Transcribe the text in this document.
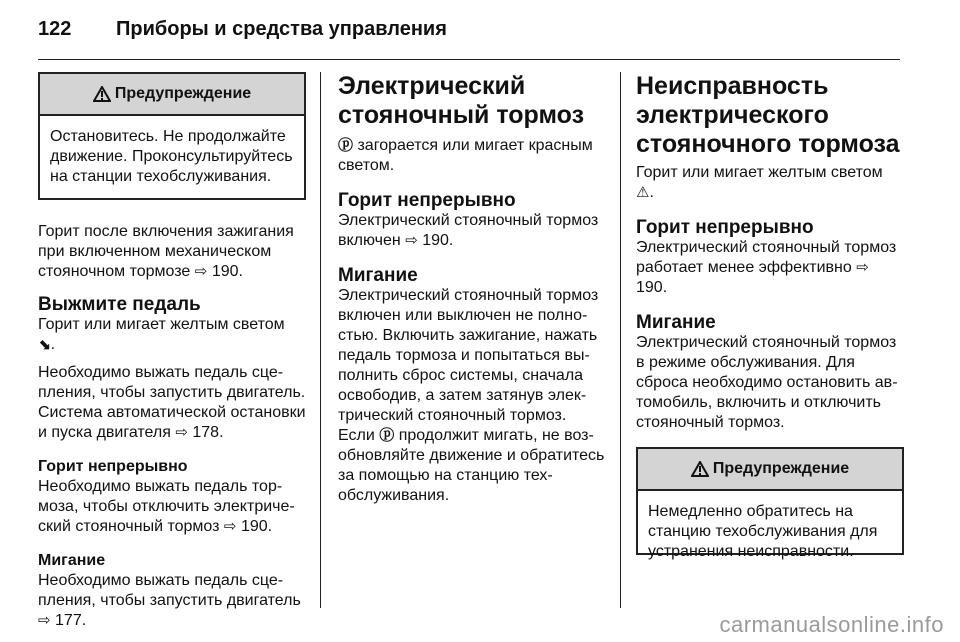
122	Приборы и средства управления
Предупреждение
Остановитесь. Не продолжайте движение. Проконсультируйтесь на станции техобслуживания.

Горит после включения зажигания при включенном механическом стояночном тормозе ⇨ 190.

Выжмите педаль

Горит или мигает желтым светом ⬊.

Необходимо выжать педаль сцепления, чтобы запустить двигатель. Система автоматической остановки и пуска двигателя ⇨ 178.

Горит непрерывно

Необходимо выжать педаль тормоза, чтобы отключить электрический стояночный тормоз ⇨ 190.

Мигание

Необходимо выжать педаль сцепления, чтобы запустить двигатель ⇨ 177.

Электрический стояночный тормоз

ⓟ загорается или мигает красным светом.

Горит непрерывно

Электрический стояночный тормоз включен ⇨ 190.

Мигание

Электрический стояночный тормоз включен или выключен не полностью. Включить зажигание, нажать педаль тормоза и попытаться выполнить сброс системы, сначала освободив, а затем затянув электрический стояночный тормоз.

Если ⓟ продолжит мигать, не возобновляйте движение и обратитесь за помощью на станцию техобслуживания.

Неисправность электрического стояночного тормоза

Горит или мигает желтым светом ⚠.

Горит непрерывно

Электрический стояночный тормоз работает менее эффективно ⇨ 190.

Мигание

Электрический стояночный тормоз в режиме обслуживания. Для сброса необходимо остановить автомобиль, включить и отключить стояночный тормоз.

Предупреждение
Немедленно обратитесь на станцию техобслуживания для устранения неисправности.
carmanualsonline.info
